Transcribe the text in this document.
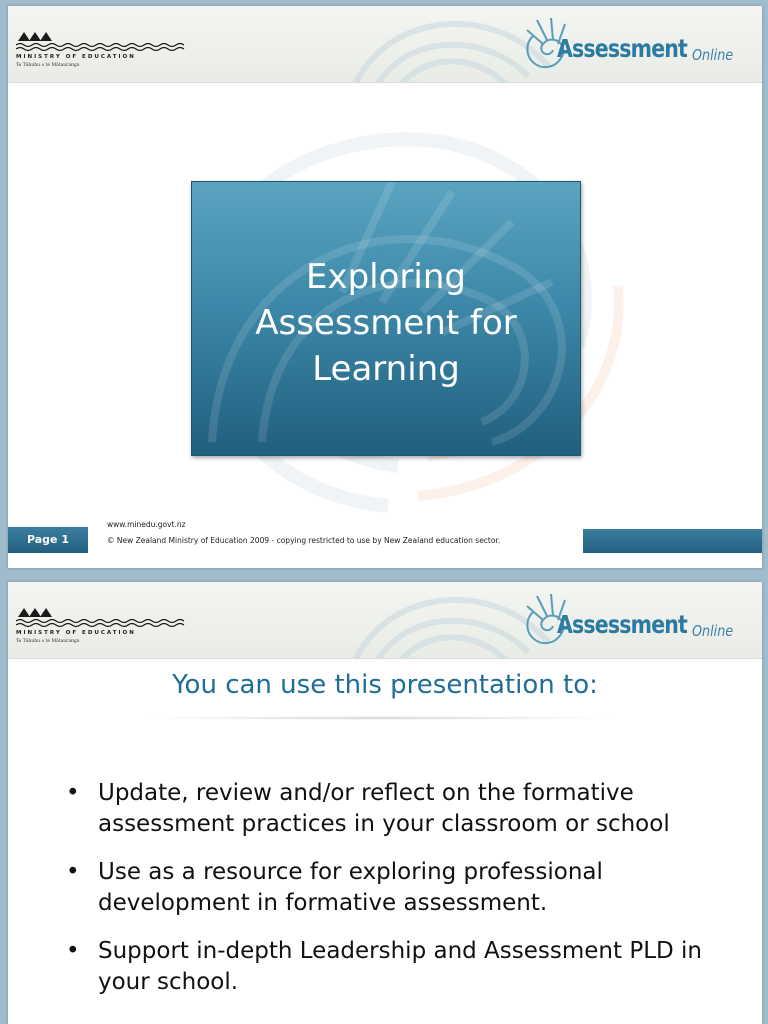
MINISTRY OF EDUCATION
Te Tāhuhu o te Mātauranga
Assessment Online
Exploring
Assessment for
Learning
Page 1
www.minedu.govt.nz
© New Zealand Ministry of Education 2009 - copying restricted to use by New Zealand education sector.
MINISTRY OF EDUCATION
Te Tāhuhu o te Mātauranga
Assessment Online
You can use this presentation to:
• Update, review and/or reflect on the formative assessment practices in your classroom or school
• Use as a resource for exploring professional development in formative assessment.
• Support in-depth Leadership and Assessment PLD in your school.
